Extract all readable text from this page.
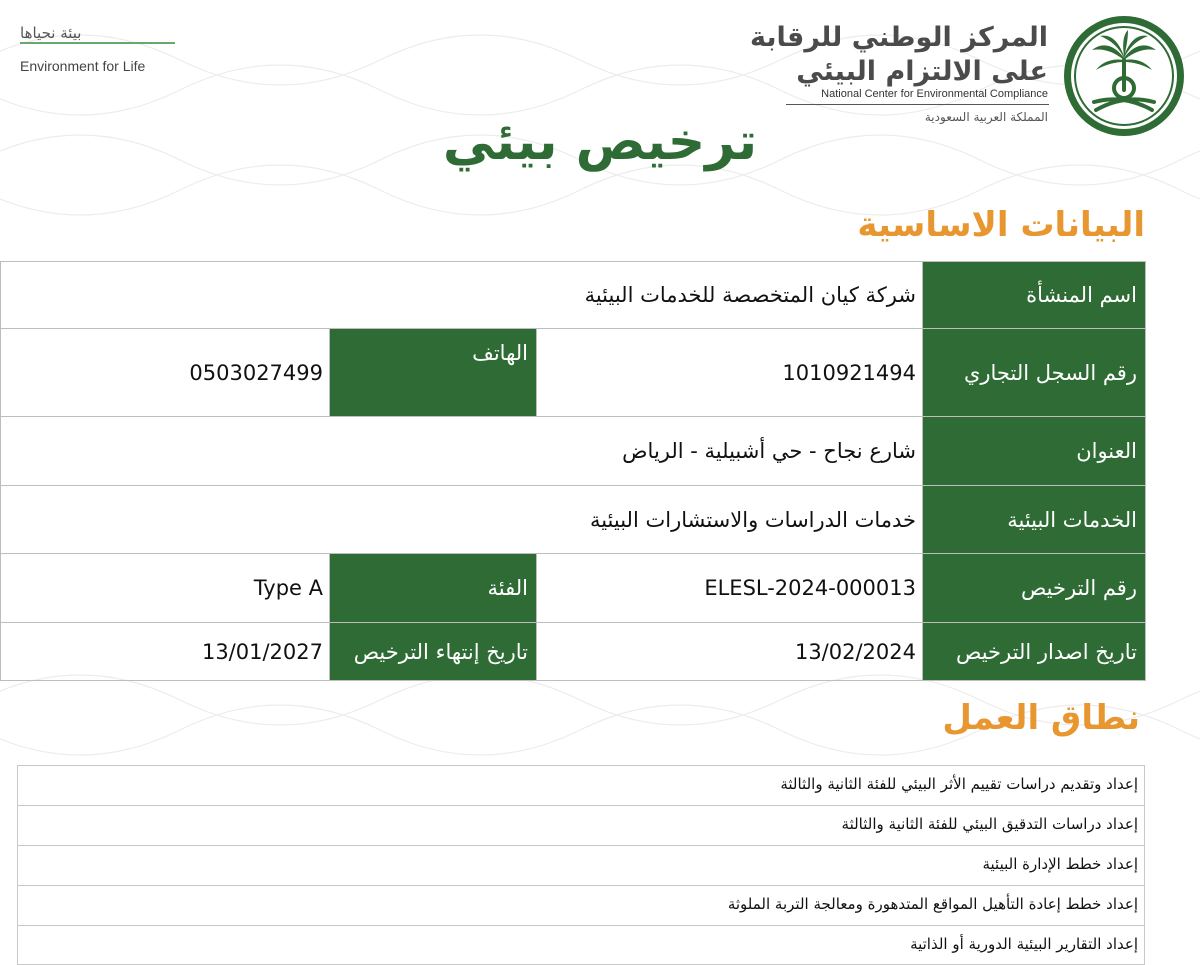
بيئة نحياها
Environment for Life
المركز الوطني للرقابة
على الالتزام البيئي
National Center for Environmental Compliance
المملكة العربية السعودية
ترخيص بيئي
البيانات الاساسية
اسم المنشأة	شركة كيان المتخصصة للخدمات البيئية		
رقم السجل التجاري	1010921494	الهاتف	0503027499
العنوان	شارع نجاح - حي أشبيلية - الرياض		
الخدمات البيئية	خدمات الدراسات والاستشارات البيئية		
رقم الترخيص	ELESL-2024-000013	الفئة	Type A
تاريخ اصدار الترخيص	13/02/2024	تاريخ إنتهاء الترخيص	13/01/2027
نطاق العمل
إعداد وتقديم دراسات تقييم الأثر البيئي للفئة الثانية والثالثة
إعداد دراسات التدقيق البيئي للفئة الثانية والثالثة
إعداد خطط الإدارة البيئية
إعداد خطط إعادة التأهيل المواقع المتدهورة ومعالجة التربة الملوثة
إعداد التقارير البيئية الدورية أو الذاتية
